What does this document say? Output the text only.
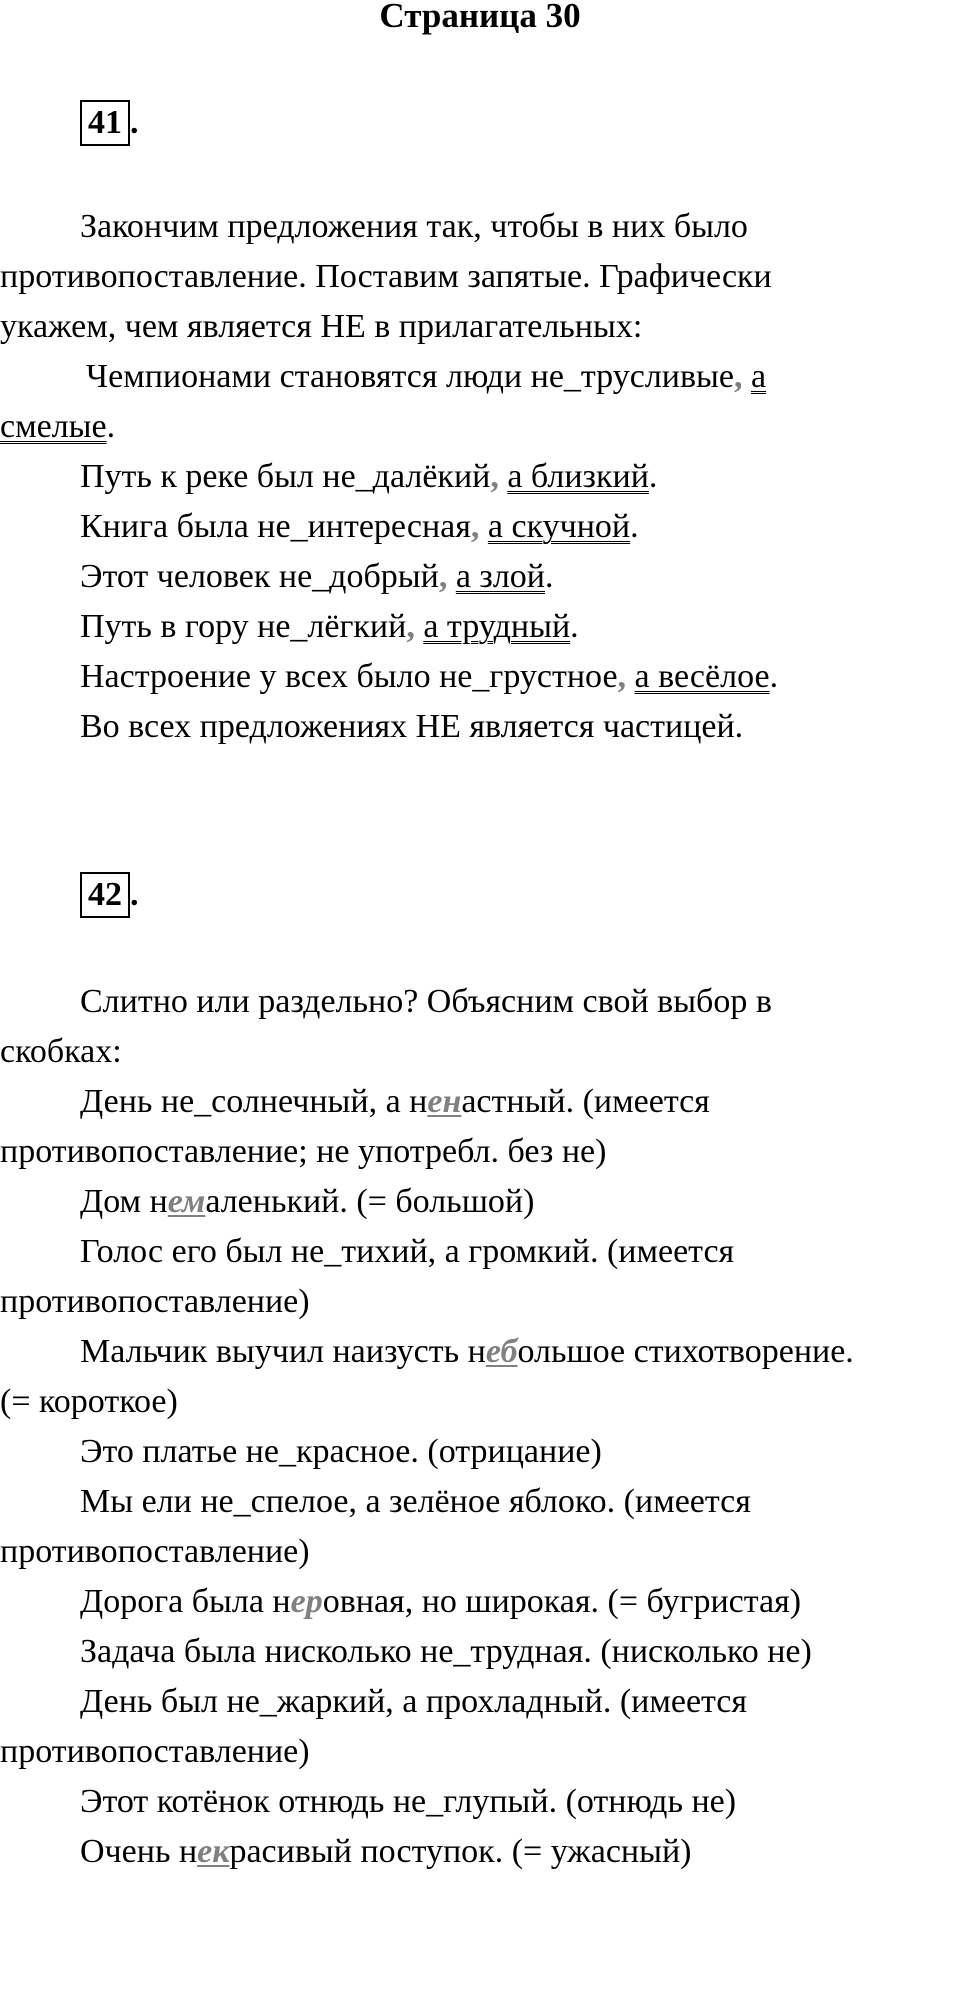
Страница 30
41 .
Закончим предложения так, чтобы в них было
противопоставление. Поставим запятые. Графически
укажем, чем является НЕ в прилагательных:
Чемпионами становятся люди не_трусливые, а
смелые.
Путь к реке был не_далёкий, а близкий.
Книга была не_интересная, а скучной.
Этот человек не_добрый, а злой.
Путь в гору не_лёгкий, а трудный.
Настроение у всех было не_грустное, а весёлое.
Во всех предложениях НЕ является частицей.
42 .
Слитно или раздельно? Объясним свой выбор в
скобках:
День не_солнечный, а ненастный. (имеется
противопоставление; не употребл. без не)
Дом немаленький. (= большой)
Голос его был не_тихий, а громкий. (имеется
противопоставление)
Мальчик выучил наизусть небольшое стихотворение.
(= короткое)
Это платье не_красное. (отрицание)
Мы ели не_спелое, а зелёное яблоко. (имеется
противопоставление)
Дорога была неровная, но широкая. (= бугристая)
Задача была нисколько не_трудная. (нисколько не)
День был не_жаркий, а прохладный. (имеется
противопоставление)
Этот котёнок отнюдь не_глупый. (отнюдь не)
Очень некрасивый поступок. (= ужасный)
